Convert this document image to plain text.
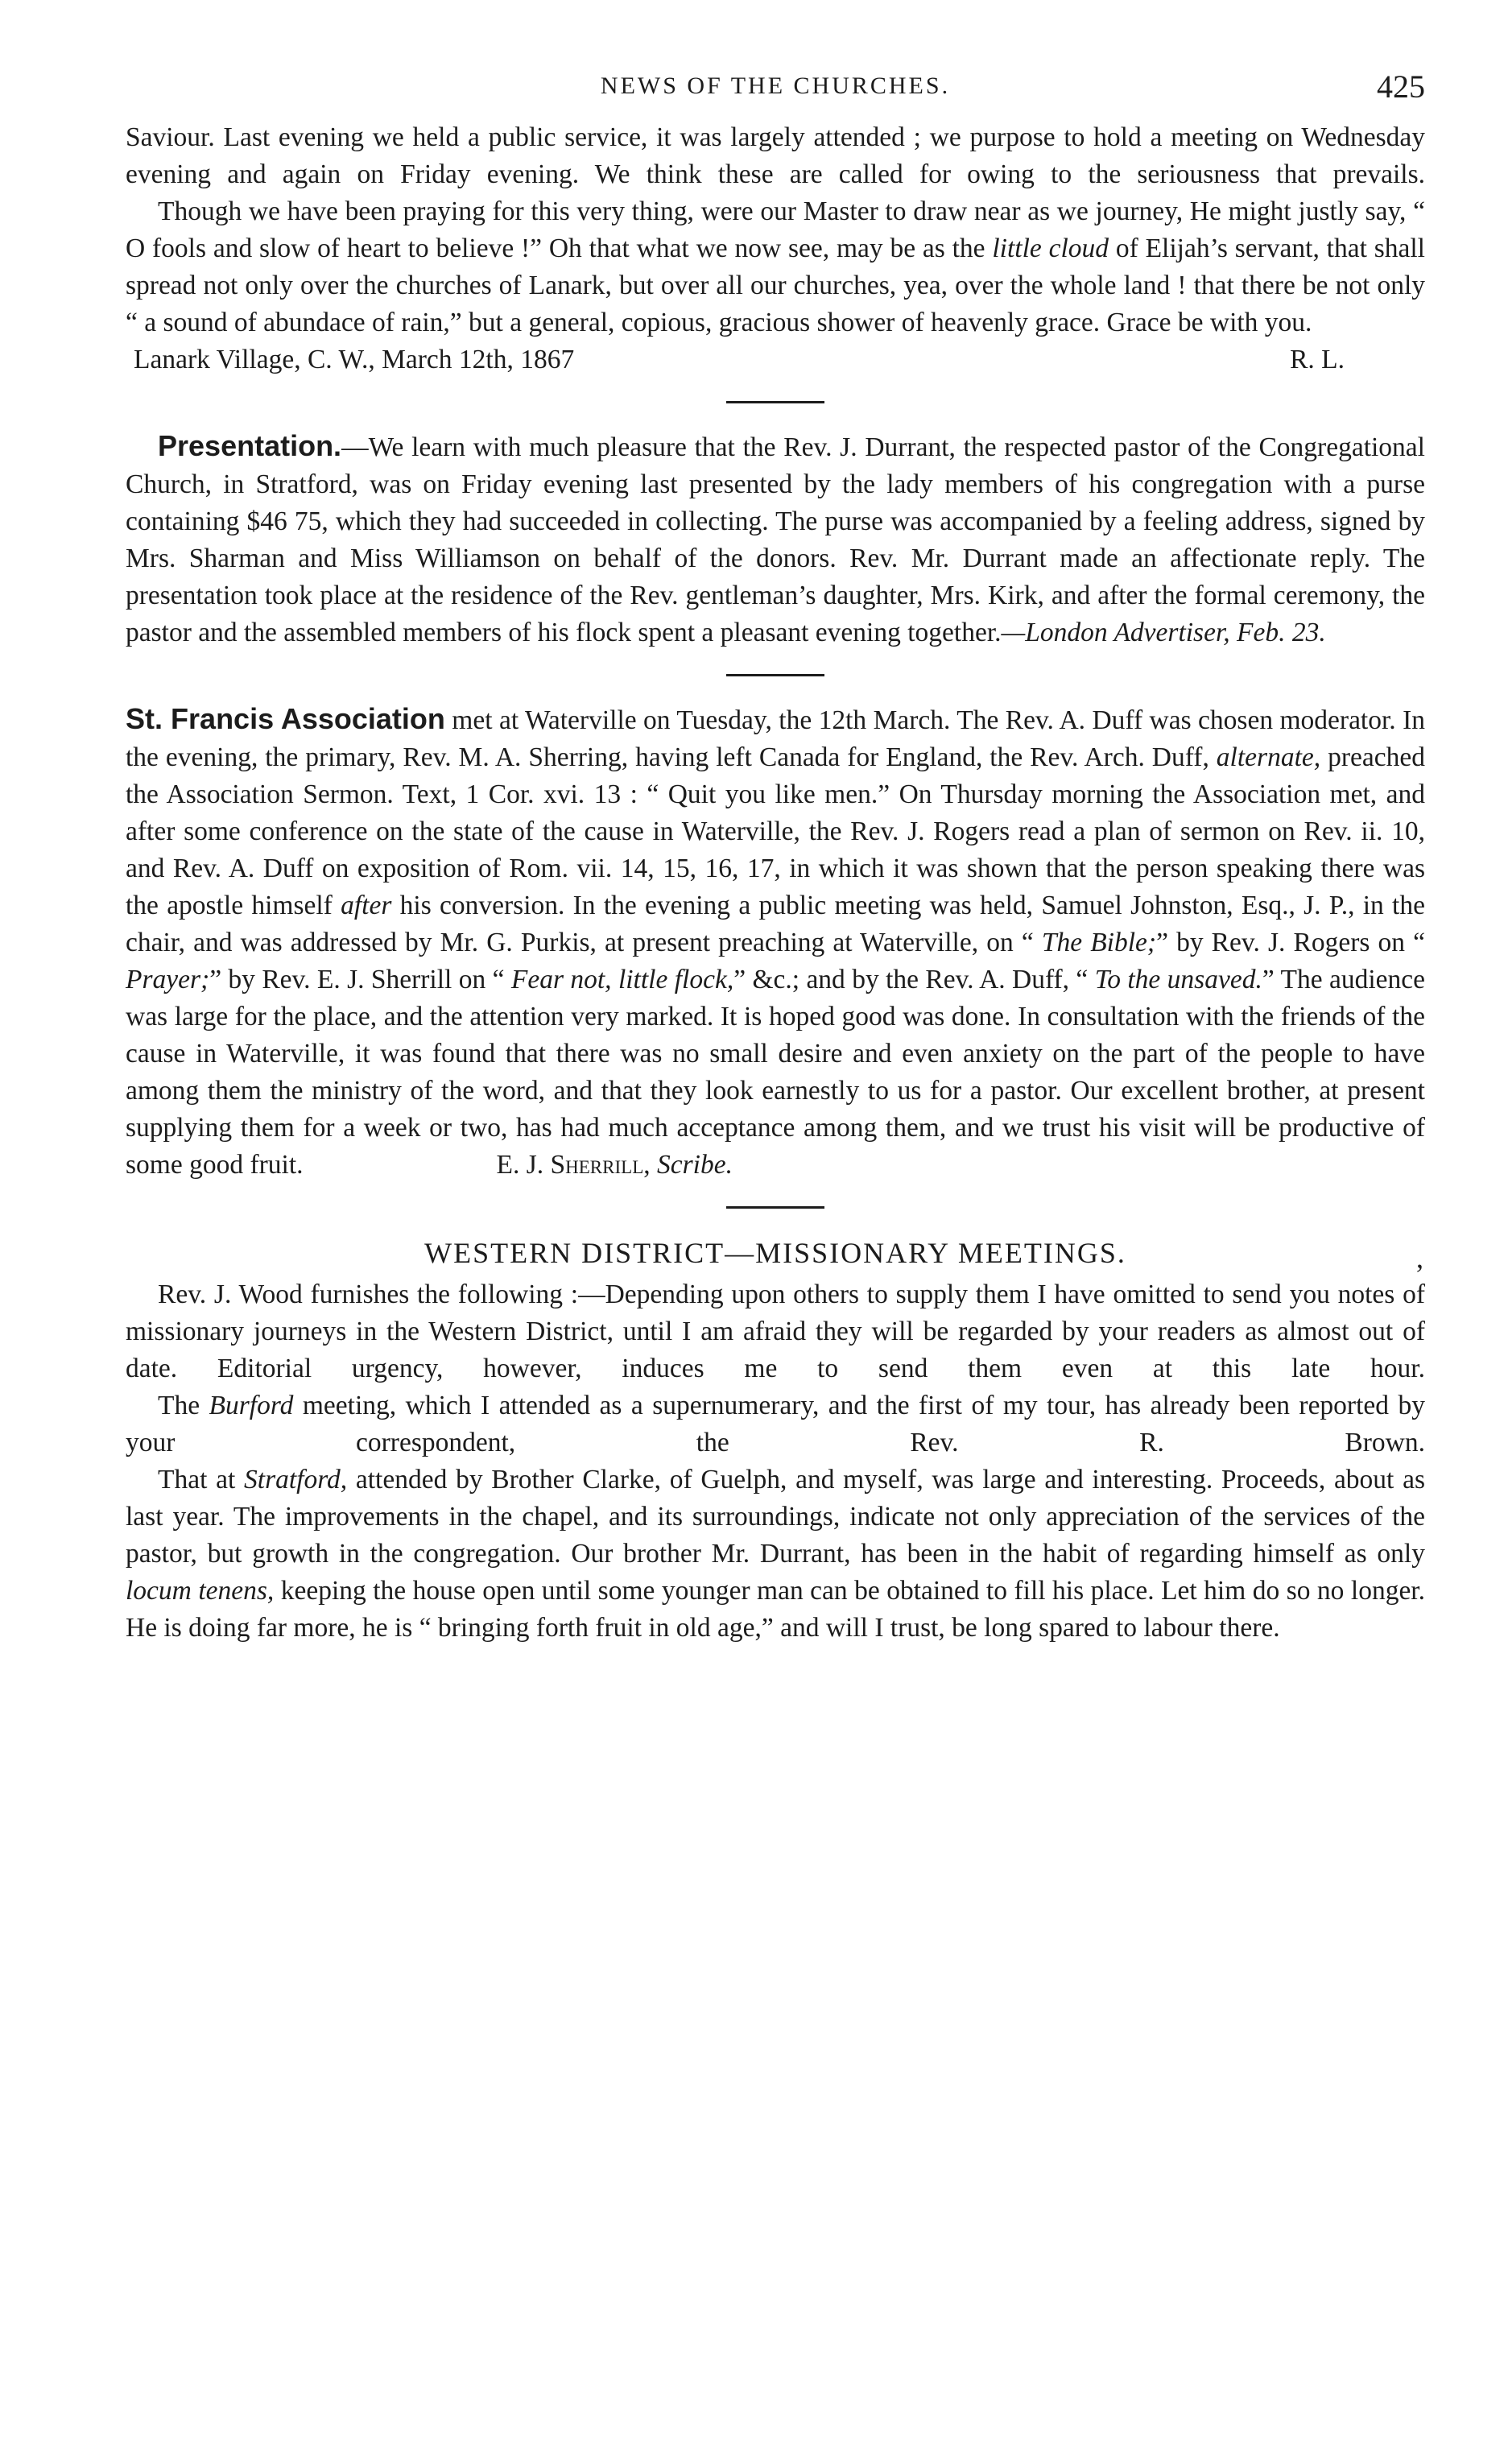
NEWS OF THE CHURCHES.	425

Saviour. Last evening we held a public service, it was largely attended ; we purpose to hold a meeting on Wednesday evening and again on Friday evening. We think these are called for owing to the seriousness that prevails.

Though we have been praying for this very thing, were our Master to draw near as we journey, He might justly say, “ O fools and slow of heart to believe !” Oh that what we now see, may be as the little cloud of Elijah’s servant, that shall spread not only over the churches of Lanark, but over all our churches, yea, over the whole land ! that there be not only “ a sound of abundace of rain,” but a general, copious, gracious shower of heavenly grace. Grace be with you.

Lanark Village, C. W., March 12th, 1867	R. L.

Presentation.—We learn with much pleasure that the Rev. J. Durrant, the respected pastor of the Congregational Church, in Stratford, was on Friday evening last presented by the lady members of his congregation with a purse containing $46 75, which they had succeeded in collecting. The purse was accompanied by a feeling address, signed by Mrs. Sharman and Miss Williamson on behalf of the donors. Rev. Mr. Durrant made an affectionate reply. The presentation took place at the residence of the Rev. gentleman’s daughter, Mrs. Kirk, and after the formal ceremony, the pastor and the assembled members of his flock spent a pleasant evening together.—London Advertiser, Feb. 23.

St. Francis Association met at Waterville on Tuesday, the 12th March. The Rev. A. Duff was chosen moderator. In the evening, the primary, Rev. M. A. Sherring, having left Canada for England, the Rev. Arch. Duff, alternate, preached the Association Sermon. Text, 1 Cor. xvi. 13 : “ Quit you like men.” On Thursday morning the Association met, and after some conference on the state of the cause in Waterville, the Rev. J. Rogers read a plan of sermon on Rev. ii. 10, and Rev. A. Duff on exposition of Rom. vii. 14, 15, 16, 17, in which it was shown that the person speaking there was the apostle himself after his conversion. In the evening a public meeting was held, Samuel Johnston, Esq., J. P., in the chair, and was addressed by Mr. G. Purkis, at present preaching at Waterville, on “ The Bible;” by Rev. J. Rogers on “ Prayer;” by Rev. E. J. Sherrill on “ Fear not, little flock,” &c.; and by the Rev. A. Duff, “ To the unsaved.” The audience was large for the place, and the attention very marked. It is hoped good was done. In consultation with the friends of the cause in Waterville, it was found that there was no small desire and even anxiety on the part of the people to have among them the ministry of the word, and that they look earnestly to us for a pastor. Our excellent brother, at present supplying them for a week or two, has had much acceptance among them, and we trust his visit will be productive of some good fruit.	E. J. Sherrill, Scribe.

WESTERN DISTRICT—MISSIONARY MEETINGS.	,

Rev. J. Wood furnishes the following :—Depending upon others to supply them I have omitted to send you notes of missionary journeys in the Western District, until I am afraid they will be regarded by your readers as almost out of date. Editorial urgency, however, induces me to send them even at this late hour.

The Burford meeting, which I attended as a supernumerary, and the first of my tour, has already been reported by your correspondent, the Rev. R. Brown.

That at Stratford, attended by Brother Clarke, of Guelph, and myself, was large and interesting. Proceeds, about as last year. The improvements in the chapel, and its surroundings, indicate not only appreciation of the services of the pastor, but growth in the congregation. Our brother Mr. Durrant, has been in the habit of regarding himself as only locum tenens, keeping the house open until some younger man can be obtained to fill his place. Let him do so no longer. He is doing far more, he is “ bringing forth fruit in old age,” and will I trust, be long spared to labour there.
